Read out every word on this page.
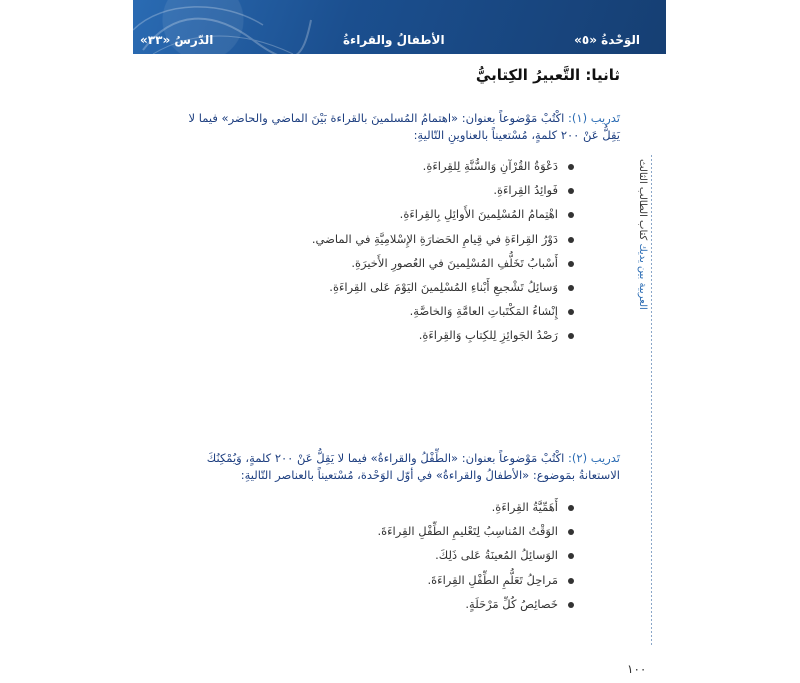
الوَحْدةُ «٥»
الأطفالُ والقراءةُ
الدّرسُ «٣٣»
العربية بين يديك كتاب الطالب الثالث
ثانيا: التَّعبيرُ الكِتابيُّ
تَدريب (١): اكْتُبْ مَوْضوعاً بعنوان: «اهتمامُ المُسلمينَ بالقراءة بَيْنَ الماضي والحاضر» فيما لا يَقِلُّ عَنْ ٢٠٠ كلمةٍ، مُسْتعيناً بالعناوينِ التّاليةِ:
دَعْوَةُ القُرْآنِ وَالسُّنَّةِ لِلقِراءَةِ.
فَوائِدُ القِراءَةِ.
اهْتِمامُ المُسْلِمينَ الأَوائِلِ بِالقِراءَةِ.
دَوْرُ القِراءَةِ في قِيامِ الحَضارَةِ الإِسْلامِيَّةِ في الماضي.
أَسْبابُ تَخَلُّفِ المُسْلِمينَ في العُصورِ الأَخيرَةِ.
وَسائِلُ تَشْجيعِ أَبْناءِ المُسْلِمينَ اليَوْمَ عَلى القِراءَةِ.
إِنْشاءُ المَكْتَباتِ العامَّةِ وَالخاصَّةِ.
رَصْدُ الجَوائِزِ لِلكِتابِ وَالقِراءَةِ.
تَدريب (٢): اكْتُبْ مَوْضوعاً بعنوان: «الطِّفْلُ والقراءةُ» فيما لا يَقِلُّ عَنْ ٢٠٠ كلمةٍ، وَيُمْكِنُكَ الاستعانةُ بمَوضوع: «الأطفالُ والقراءةُ» في أوّل الوَحْدة، مُسْتعيناً بالعناصر التّاليةِ:
أَهَمِّيَّةُ القِراءَةِ.
الوَقْتُ المُناسِبُ لِتَعْليمِ الطِّفْلِ القِراءَةَ.
الوَسائِلُ المُعينَةُ عَلى ذَلِكَ.
مَراحِلُ تَعَلُّمِ الطِّفْلِ القِراءَةَ.
خَصائِصُ كُلِّ مَرْحَلَةٍ.
١٠٠
